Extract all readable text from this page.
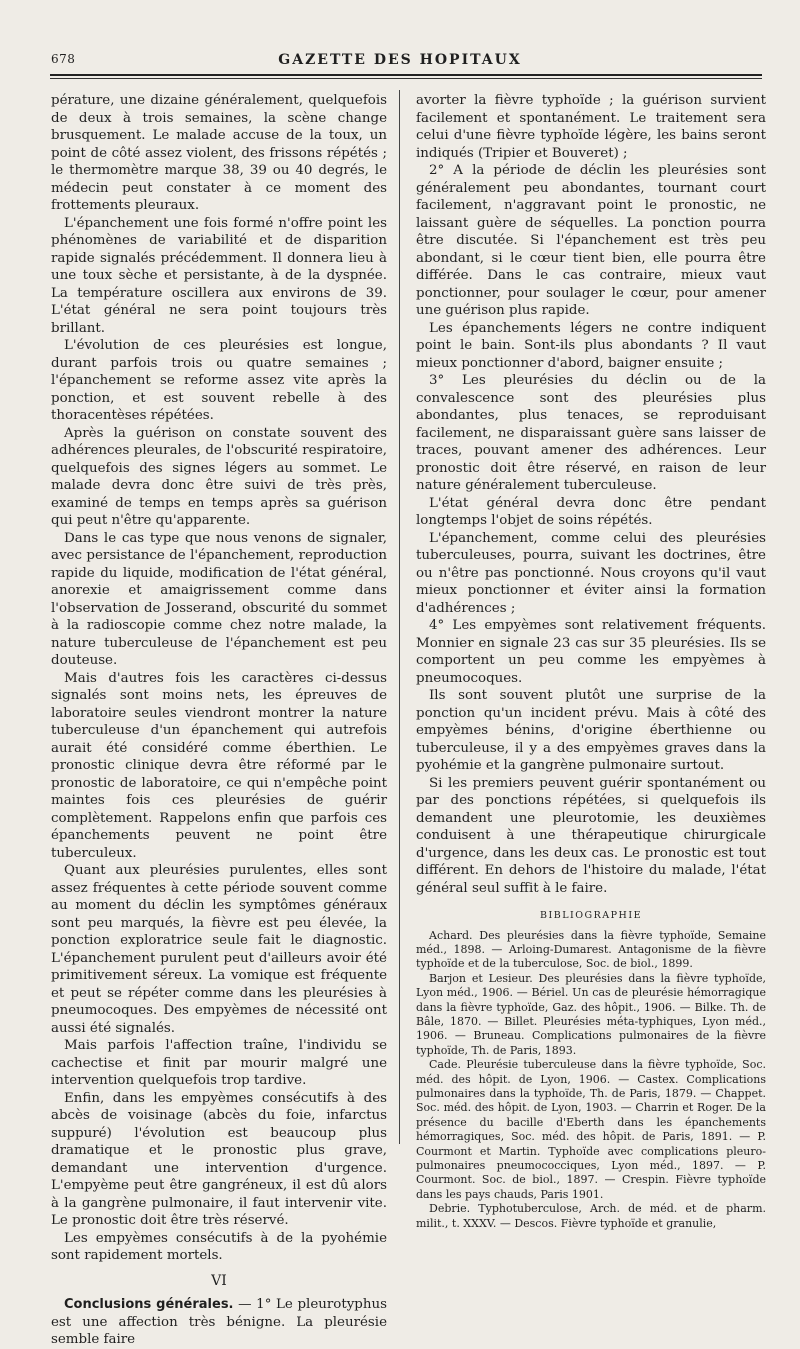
678	GAZETTE DES HOPITAUX

pérature, une dizaine généralement, quelquefois de deux à trois semaines, la scène change brusquement. Le malade accuse de la toux, un point de côté assez violent, des frissons répétés ; le thermomètre marque 38, 39 ou 40 degrés, le médecin peut constater à ce moment des frottements pleuraux.

L'épanchement une fois formé n'offre point les phénomènes de variabilité et de disparition rapide signalés précédemment. Il donnera lieu à une toux sèche et persistante, à de la dyspnée. La température oscillera aux environs de 39. L'état général ne sera point toujours très brillant.

L'évolution de ces pleurésies est longue, durant parfois trois ou quatre semaines ; l'épanchement se reforme assez vite après la ponction, et est souvent rebelle à des thoracentèses répétées.

Après la guérison on constate souvent des adhérences pleurales, de l'obscurité respiratoire, quelquefois des signes légers au sommet. Le malade devra donc être suivi de très près, examiné de temps en temps après sa guérison qui peut n'être qu'apparente.

Dans le cas type que nous venons de signaler, avec persistance de l'épanchement, reproduction rapide du liquide, modification de l'état général, anorexie et amaigrissement comme dans l'observation de Josserand, obscurité du sommet à la radioscopie comme chez notre malade, la nature tuberculeuse de l'épanchement est peu douteuse.

Mais d'autres fois les caractères ci-dessus signalés sont moins nets, les épreuves de laboratoire seules viendront montrer la nature tuberculeuse d'un épanchement qui autrefois aurait été considéré comme éberthien. Le pronostic clinique devra être réformé par le pronostic de laboratoire, ce qui n'empêche point maintes fois ces pleurésies de guérir complètement. Rappelons enfin que parfois ces épanchements peuvent ne point être tuberculeux.

Quant aux pleurésies purulentes, elles sont assez fréquentes à cette période souvent comme au moment du déclin les symptômes généraux sont peu marqués, la fièvre est peu élevée, la ponction exploratrice seule fait le diagnostic. L'épanchement purulent peut d'ailleurs avoir été primitivement séreux. La vomique est fréquente et peut se répéter comme dans les pleurésies à pneumocoques. Des empyèmes de nécessité ont aussi été signalés.

Mais parfois l'affection traîne, l'individu se cachectise et finit par mourir malgré une intervention quelquefois trop tardive.

Enfin, dans les empyèmes consécutifs à des abcès de voisinage (abcès du foie, infarctus suppuré) l'évolution est beaucoup plus dramatique et le pronostic plus grave, demandant une intervention d'urgence. L'empyème peut être gangréneux, il est dû alors à la gangrène pulmonaire, il faut intervenir vite. Le pronostic doit être très réservé.

Les empyèmes consécutifs à de la pyohémie sont rapidement mortels.

VI

Conclusions générales. — 1° Le pleurotyphus est une affection très bénigne. La pleurésie semble faire

avorter la fièvre typhoïde ; la guérison survient facilement et spontanément. Le traitement sera celui d'une fièvre typhoïde légère, les bains seront indiqués (Tripier et Bouveret) ;

2° A la période de déclin les pleurésies sont généralement peu abondantes, tournant court facilement, n'aggravant point le pronostic, ne laissant guère de séquelles. La ponction pourra être discutée. Si l'épanchement est très peu abondant, si le cœur tient bien, elle pourra être différée. Dans le cas contraire, mieux vaut ponctionner, pour soulager le cœur, pour amener une guérison plus rapide.

Les épanchements légers ne contre indiquent point le bain. Sont-ils plus abondants ? Il vaut mieux ponctionner d'abord, baigner ensuite ;

3° Les pleurésies du déclin ou de la convalescence sont des pleurésies plus abondantes, plus tenaces, se reproduisant facilement, ne disparaissant guère sans laisser de traces, pouvant amener des adhérences. Leur pronostic doit être réservé, en raison de leur nature généralement tuberculeuse.

L'état général devra donc être pendant longtemps l'objet de soins répétés.

L'épanchement, comme celui des pleurésies tuberculeuses, pourra, suivant les doctrines, être ou n'être pas ponctionné. Nous croyons qu'il vaut mieux ponctionner et éviter ainsi la formation d'adhérences ;

4° Les empyèmes sont relativement fréquents. Monnier en signale 23 cas sur 35 pleurésies. Ils se comportent un peu comme les empyèmes à pneumocoques.

Ils sont souvent plutôt une surprise de la ponction qu'un incident prévu. Mais à côté des empyèmes bénins, d'origine éberthienne ou tuberculeuse, il y a des empyèmes graves dans la pyohémie et la gangrène pulmonaire surtout.

Si les premiers peuvent guérir spontanément ou par des ponctions répétées, si quelquefois ils demandent une pleurotomie, les deuxièmes conduisent à une thérapeutique chirurgicale d'urgence, dans les deux cas. Le pronostic est tout différent. En dehors de l'histoire du malade, l'état général seul suffit à le faire.

BIBLIOGRAPHIE

Achard. Des pleurésies dans la fièvre typhoïde, Semaine méd., 1898. — Arloing-Dumarest. Antagonisme de la fièvre typhoïde et de la tuberculose, Soc. de biol., 1899.

Barjon et Lesieur. Des pleurésies dans la fièvre typhoïde, Lyon méd., 1906. — Bériel. Un cas de pleurésie hémorragique dans la fièvre typhoïde, Gaz. des hôpit., 1906. — Bilke. Th. de Bâle, 1870. — Billet. Pleurésies méta-typhiques, Lyon méd., 1906. — Bruneau. Complications pulmonaires de la fièvre typhoïde, Th. de Paris, 1893.

Cade. Pleurésie tuberculeuse dans la fièvre typhoïde, Soc. méd. des hôpit. de Lyon, 1906. — Castex. Complications pulmonaires dans la typhoïde, Th. de Paris, 1879. — Chappet. Soc. méd. des hôpit. de Lyon, 1903. — Charrin et Roger. De la présence du bacille d'Eberth dans les épanchements hémorragiques, Soc. méd. des hôpit. de Paris, 1891. — P. Courmont et Martin. Typhoïde avec complications pleuro-pulmonaires pneumococciques, Lyon méd., 1897. — P. Courmont. Soc. de biol., 1897. — Crespin. Fièvre typhoïde dans les pays chauds, Paris 1901.

Debrie. Typhotuberculose, Arch. de méd. et de pharm. milit., t. XXXV. — Descos. Fièvre typhoïde et granulie,
